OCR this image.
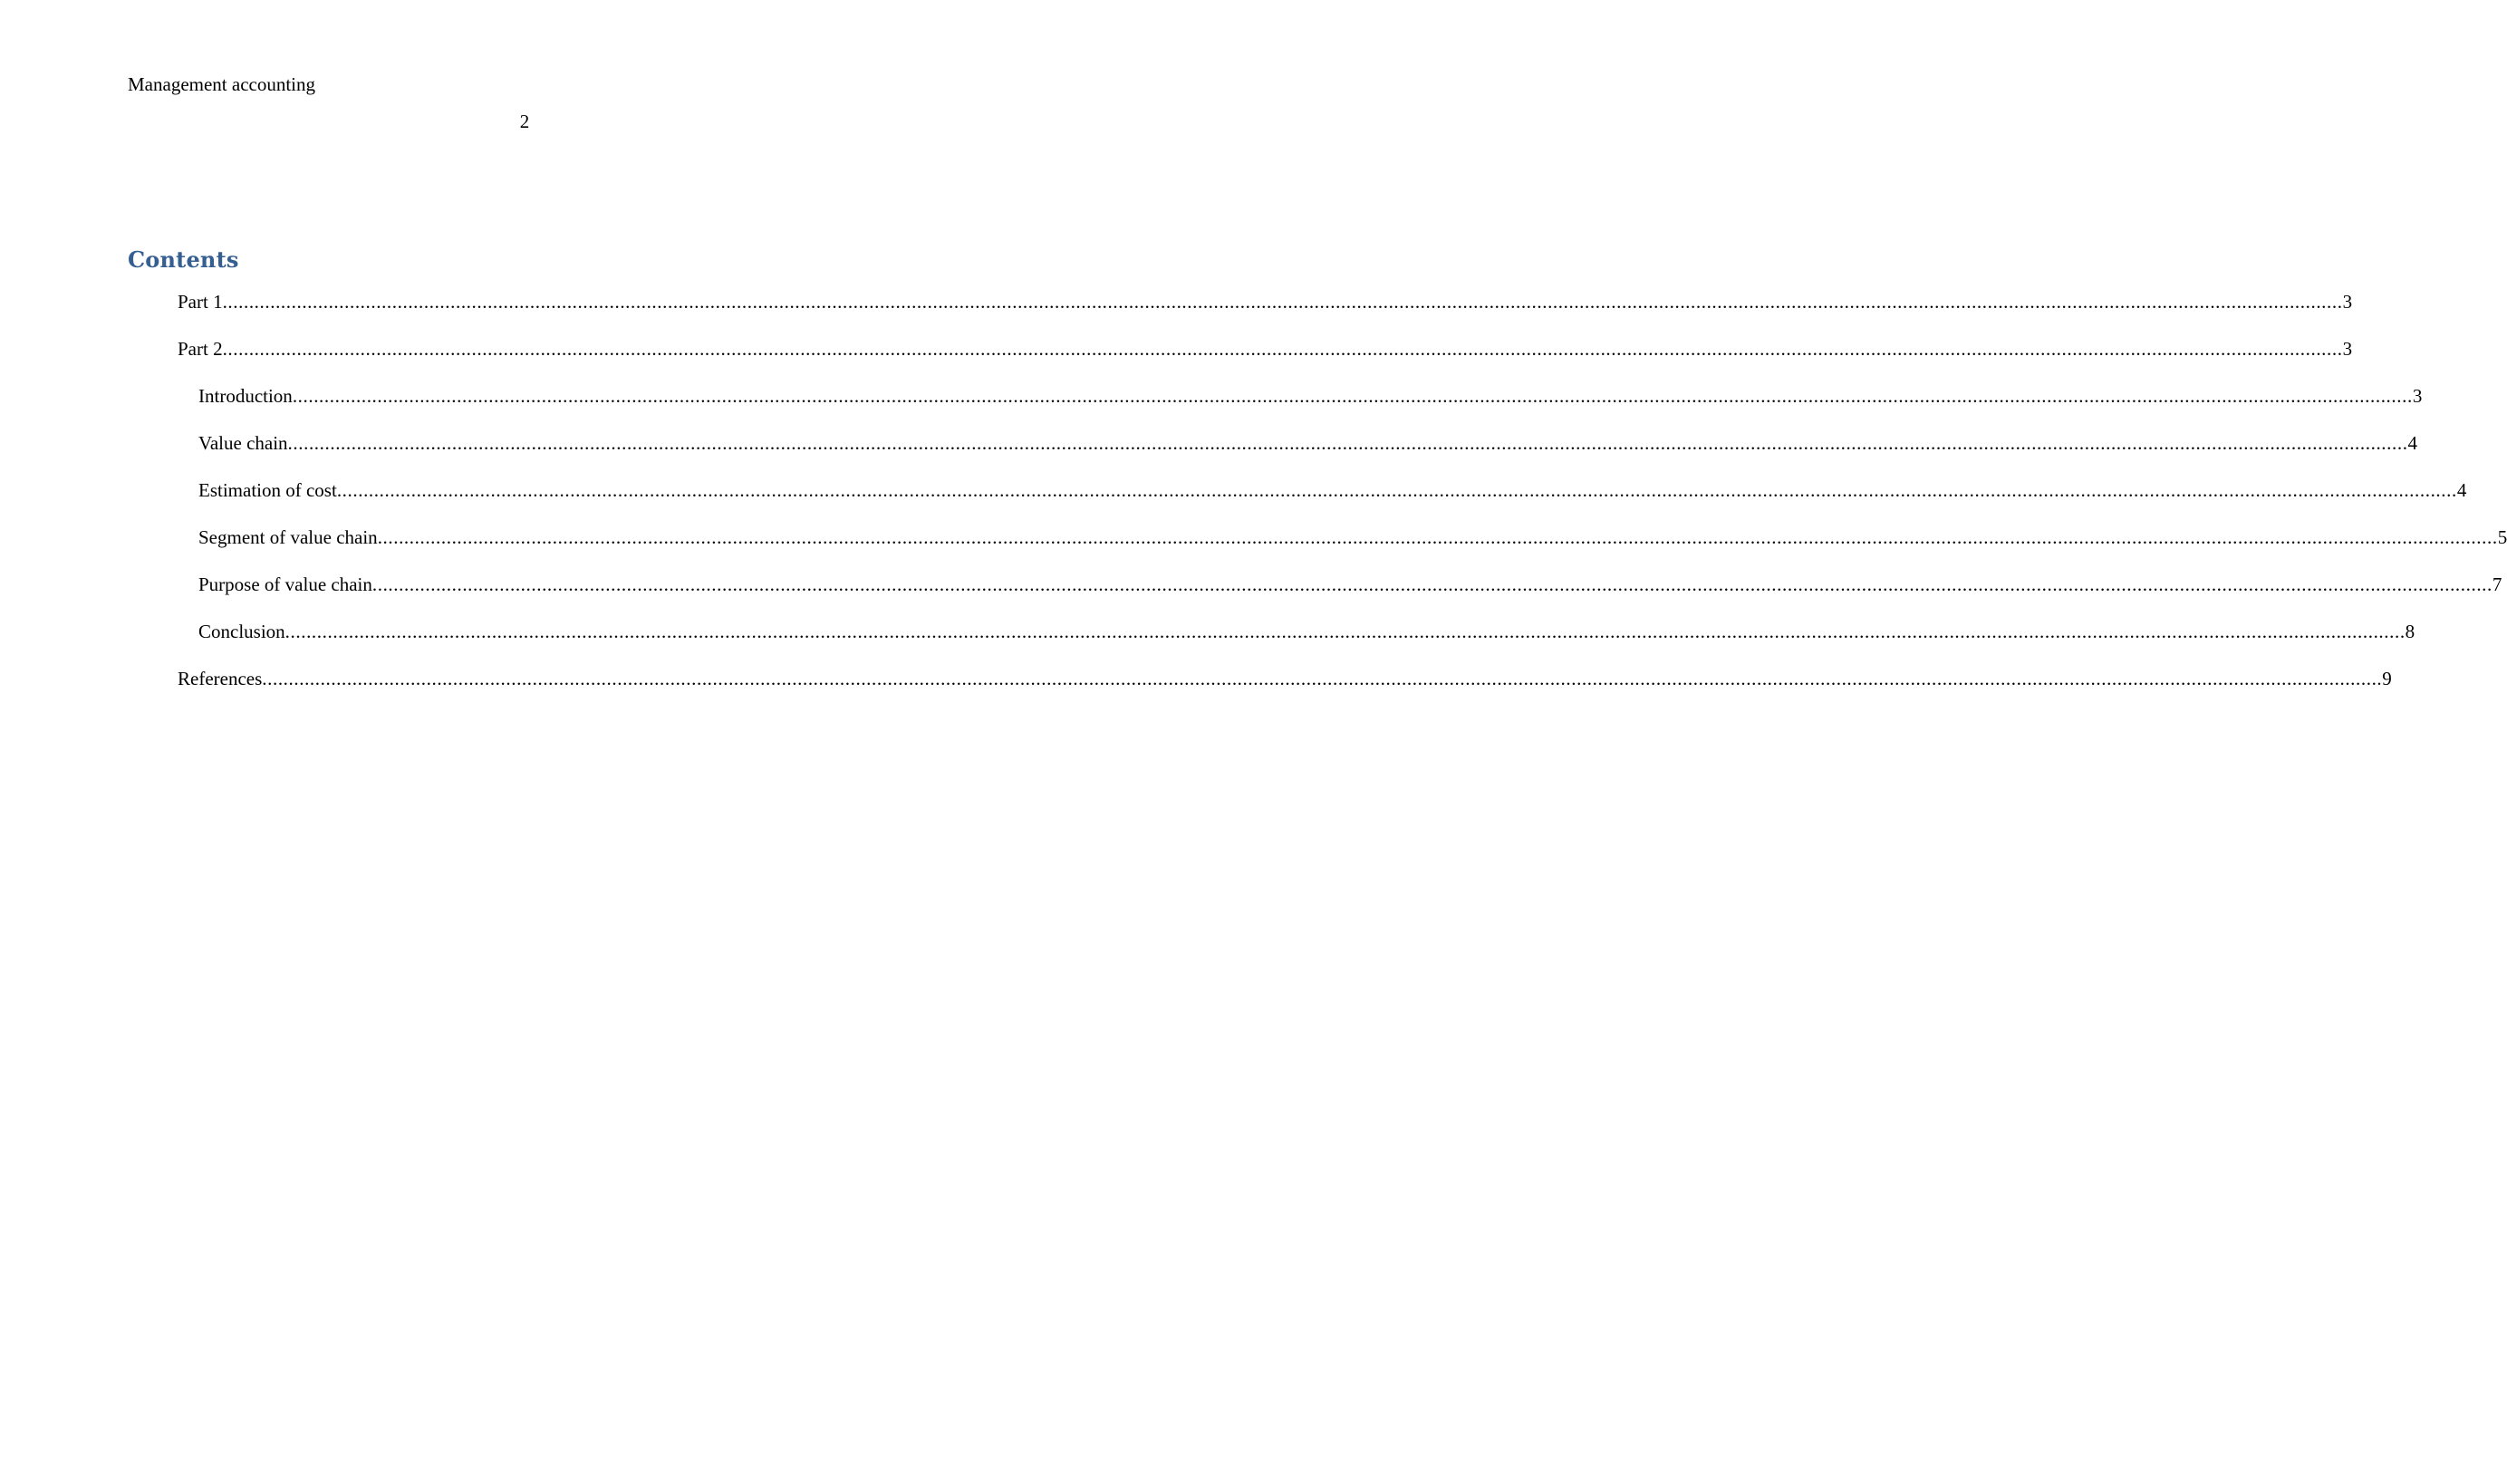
Management accounting
2
Contents
Part 1 ................................................................................................................................................................................................................................................................................................................................................................................................................ 3
Part 2 ................................................................................................................................................................................................................................................................................................................................................................................................................ 3
Introduction ................................................................................................................................................................................................................................................................................................................................................................................................................ 3
Value chain ................................................................................................................................................................................................................................................................................................................................................................................................................ 4
Estimation of cost ................................................................................................................................................................................................................................................................................................................................................................................................................ 4
Segment of value chain ................................................................................................................................................................................................................................................................................................................................................................................................................ 5
Purpose of value chain ................................................................................................................................................................................................................................................................................................................................................................................................................ 7
Conclusion ................................................................................................................................................................................................................................................................................................................................................................................................................ 8
References ................................................................................................................................................................................................................................................................................................................................................................................................................ 9
